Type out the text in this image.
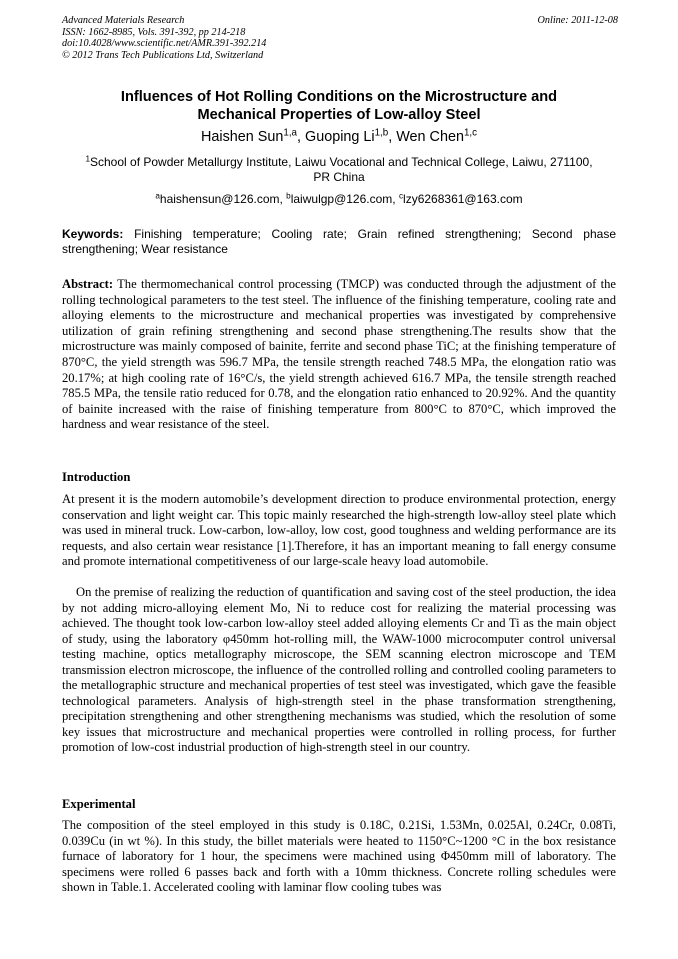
Advanced Materials Research
ISSN: 1662-8985, Vols. 391-392, pp 214-218
doi:10.4028/www.scientific.net/AMR.391-392.214
© 2012 Trans Tech Publications Ltd, Switzerland
Online: 2011-12-08
Influences of Hot Rolling Conditions on the Microstructure and
Mechanical Properties of Low-alloy Steel
Haishen Sun$^{1,a}$, Guoping Li$^{1,b}$, Wen Chen$^{1,c}$
$^1$School of Powder Metallurgy Institute, Laiwu Vocational and Technical College, Laiwu, 271100,
PR China
$^a$haishensun@126.com, $^b$laiwulgp@126.com, $^c$lzy6268361@163.com
Keywords: Finishing temperature; Cooling rate; Grain refined strengthening; Second phase strengthening; Wear resistance
Abstract: The thermomechanical control processing (TMCP) was conducted through the adjustment of the rolling technological parameters to the test steel. The influence of the finishing temperature, cooling rate and alloying elements to the microstructure and mechanical properties was investigated by comprehensive utilization of grain refining strengthening and second phase strengthening.The results show that the microstructure was mainly composed of bainite, ferrite and second phase TiC; at the finishing temperature of 870°C, the yield strength was 596.7 MPa, the tensile strength reached 748.5 MPa, the elongation ratio was 20.17%; at high cooling rate of 16°C/s, the yield strength achieved 616.7 MPa, the tensile strength reached 785.5 MPa, the tensile ratio reduced for 0.78, and the elongation ratio enhanced to 20.92%. And the quantity of bainite increased with the raise of finishing temperature from 800°C to 870°C, which improved the hardness and wear resistance of the steel.
Introduction
At present it is the modern automobile’s development direction to produce environmental protection, energy conservation and light weight car. This topic mainly researched the high-strength low-alloy steel plate which was used in mineral truck. Low-carbon, low-alloy, low cost, good toughness and welding performance are its requests, and also certain wear resistance [1].Therefore, it has an important meaning to fall energy consume and promote international competitiveness of our large-scale heavy load automobile.
On the premise of realizing the reduction of quantification and saving cost of the steel production, the idea by not adding micro-alloying element Mo, Ni to reduce cost for realizing the material processing was achieved. The thought took low-carbon low-alloy steel added alloying elements Cr and Ti as the main object of study, using the laboratory φ450mm hot-rolling mill, the WAW-1000 microcomputer control universal testing machine, optics metallography microscope, the SEM scanning electron microscope and TEM transmission electron microscope, the influence of the controlled rolling and controlled cooling parameters to the metallographic structure and mechanical properties of test steel was investigated, which gave the feasible technological parameters. Analysis of high-strength steel in the phase transformation strengthening, precipitation strengthening and other strengthening mechanisms was studied, which the resolution of some key issues that microstructure and mechanical properties were controlled in rolling process, for further promotion of low-cost industrial production of high-strength steel in our country.
Experimental
The composition of the steel employed in this study is 0.18C, 0.21Si, 1.53Mn, 0.025Al, 0.24Cr, 0.08Ti, 0.039Cu (in wt %). In this study, the billet materials were heated to 1150°C~1200 °C in the box resistance furnace of laboratory for 1 hour, the specimens were machined using Φ450mm mill of laboratory. The specimens were rolled 6 passes back and forth with a 10mm thickness. Concrete rolling schedules were shown in Table.1. Accelerated cooling with laminar flow cooling tubes was
